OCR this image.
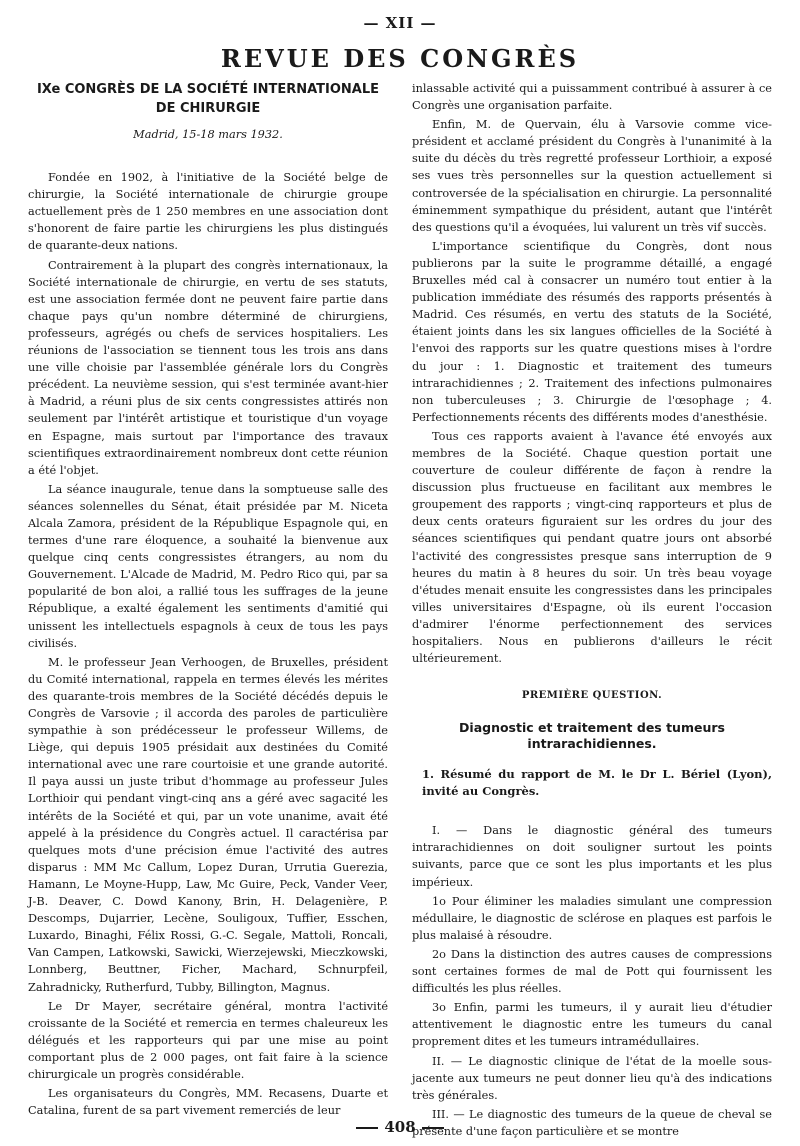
— XII —
REVUE DES CONGRÈS
IXe CONGRÈS DE LA SOCIÉTÉ INTERNATIONALE DE CHIRURGIE

Madrid, 15-18 mars 1932.

Fondée en 1902, à l'initiative de la Société belge de chirurgie, la Société internationale de chirurgie groupe actuellement près de 1 250 membres en une association dont s'honorent de faire partie les chirurgiens les plus distingués de quarante-deux nations.

Contrairement à la plupart des congrès internationaux, la Société internationale de chirurgie, en vertu de ses statuts, est une association fermée dont ne peuvent faire partie dans chaque pays qu'un nombre déterminé de chirurgiens, professeurs, agrégés ou chefs de services hospitaliers. Les réunions de l'association se tiennent tous les trois ans dans une ville choisie par l'assemblée générale lors du Congrès précédent. La neuvième session, qui s'est terminée avant-hier à Madrid, a réuni plus de six cents congressistes attirés non seulement par l'intérêt artistique et touristique d'un voyage en Espagne, mais surtout par l'importance des travaux scientifiques extraordinairement nombreux dont cette réunion a été l'objet.

La séance inaugurale, tenue dans la somptueuse salle des séances solennelles du Sénat, était présidée par M. Niceta Alcala Zamora, président de la République Espagnole qui, en termes d'une rare éloquence, a souhaité la bienvenue aux quelque cinq cents congressistes étrangers, au nom du Gouvernement. L'Alcade de Madrid, M. Pedro Rico qui, par sa popularité de bon aloi, a rallié tous les suffrages de la jeune République, a exalté également les sentiments d'amitié qui unissent les intellectuels espagnols à ceux de tous les pays civilisés.

M. le professeur Jean Verhoogen, de Bruxelles, président du Comité international, rappela en termes élevés les mérites des quarante-trois membres de la Société décédés depuis le Congrès de Varsovie ; il accorda des paroles de particulière sympathie à son prédécesseur le professeur Willems, de Liège, qui depuis 1905 présidait aux destinées du Comité international avec une rare courtoisie et une grande autorité. Il paya aussi un juste tribut d'hommage au professeur Jules Lorthioir qui pendant vingt-cinq ans a géré avec sagacité les intérêts de la Société et qui, par un vote unanime, avait été appelé à la présidence du Congrès actuel. Il caractérisa par quelques mots d'une précision émue l'activité des autres disparus : MM Mc Callum, Lopez Duran, Urrutia Guerezia, Hamann, Le Moyne-Hupp, Law, Mc Guire, Peck, Vander Veer, J-B. Deaver, C. Dowd Kanony, Brin, H. Delagenière, P. Descomps, Dujarrier, Lecène, Souligoux, Tuffier, Esschen, Luxardo, Binaghi, Félix Rossi, G.-C. Segale, Mattoli, Roncali, Van Campen, Latkowski, Sawicki, Wierzejewski, Mieczkowski, Lonnberg, Beuttner, Ficher, Machard, Schnurpfeil, Zahradnicky, Rutherfurd, Tubby, Billington, Magnus.

Le Dr Mayer, secrétaire général, montra l'activité croissante de la Société et remercia en termes chaleureux les délégués et les rapporteurs qui par une mise au point comportant plus de 2 000 pages, ont fait faire à la science chirurgicale un progrès considérable.

Les organisateurs du Congrès, MM. Recasens, Duarte et Catalina, furent de sa part vivement remerciés de leur

inlassable activité qui a puissamment contribué à assurer à ce Congrès une organisation parfaite.

Enfin, M. de Quervain, élu à Varsovie comme vice-président et acclamé président du Congrès à l'unanimité à la suite du décès du très regretté professeur Lorthioir, a exposé ses vues très personnelles sur la question actuellement si controversée de la spécialisation en chirurgie. La personnalité éminemment sympathique du président, autant que l'intérêt des questions qu'il a évoquées, lui valurent un très vif succès.

L'importance scientifique du Congrès, dont nous publierons par la suite le programme détaillé, a engagé Bruxelles méd cal à consacrer un numéro tout entier à la publication immédiate des résumés des rapports présentés à Madrid. Ces résumés, en vertu des statuts de la Société, étaient joints dans les six langues officielles de la Société à l'envoi des rapports sur les quatre questions mises à l'ordre du jour : 1. Diagnostic et traitement des tumeurs intrarachidiennes ; 2. Traitement des infections pulmonaires non tuberculeuses ; 3. Chirurgie de l'œsophage ; 4. Perfectionnements récents des différents modes d'anesthésie.

Tous ces rapports avaient à l'avance été envoyés aux membres de la Société. Chaque question portait une couverture de couleur différente de façon à rendre la discussion plus fructueuse en facilitant aux membres le groupement des rapports ; vingt-cinq rapporteurs et plus de deux cents orateurs figuraient sur les ordres du jour des séances scientifiques qui pendant quatre jours ont absorbé l'activité des congressistes presque sans interruption de 9 heures du matin à 8 heures du soir. Un très beau voyage d'études menait ensuite les congressistes dans les principales villes universitaires d'Espagne, où ils eurent l'occasion d'admirer l'énorme perfectionnement des services hospitaliers. Nous en publierons d'ailleurs le récit ultérieurement.

PREMIÈRE QUESTION.

Diagnostic et traitement des tumeurs intrarachidiennes.

1. Résumé du rapport de M. le Dr L. Bériel (Lyon), invité au Congrès.

I. — Dans le diagnostic général des tumeurs intrarachidiennes on doit souligner surtout les points suivants, parce que ce sont les plus importants et les plus impérieux.

1o Pour éliminer les maladies simulant une compression médullaire, le diagnostic de sclérose en plaques est parfois le plus malaisé à résoudre.

2o Dans la distinction des autres causes de compressions sont certaines formes de mal de Pott qui fournissent les difficultés les plus réelles.

3o Enfin, parmi les tumeurs, il y aurait lieu d'étudier attentivement le diagnostic entre les tumeurs du canal proprement dites et les tumeurs intramédullaires.

II. — Le diagnostic clinique de l'état de la moelle sous-jacente aux tumeurs ne peut donner lieu qu'à des indications très générales.

III. — Le diagnostic des tumeurs de la queue de cheval se présente d'une façon particulière et se montre

408
